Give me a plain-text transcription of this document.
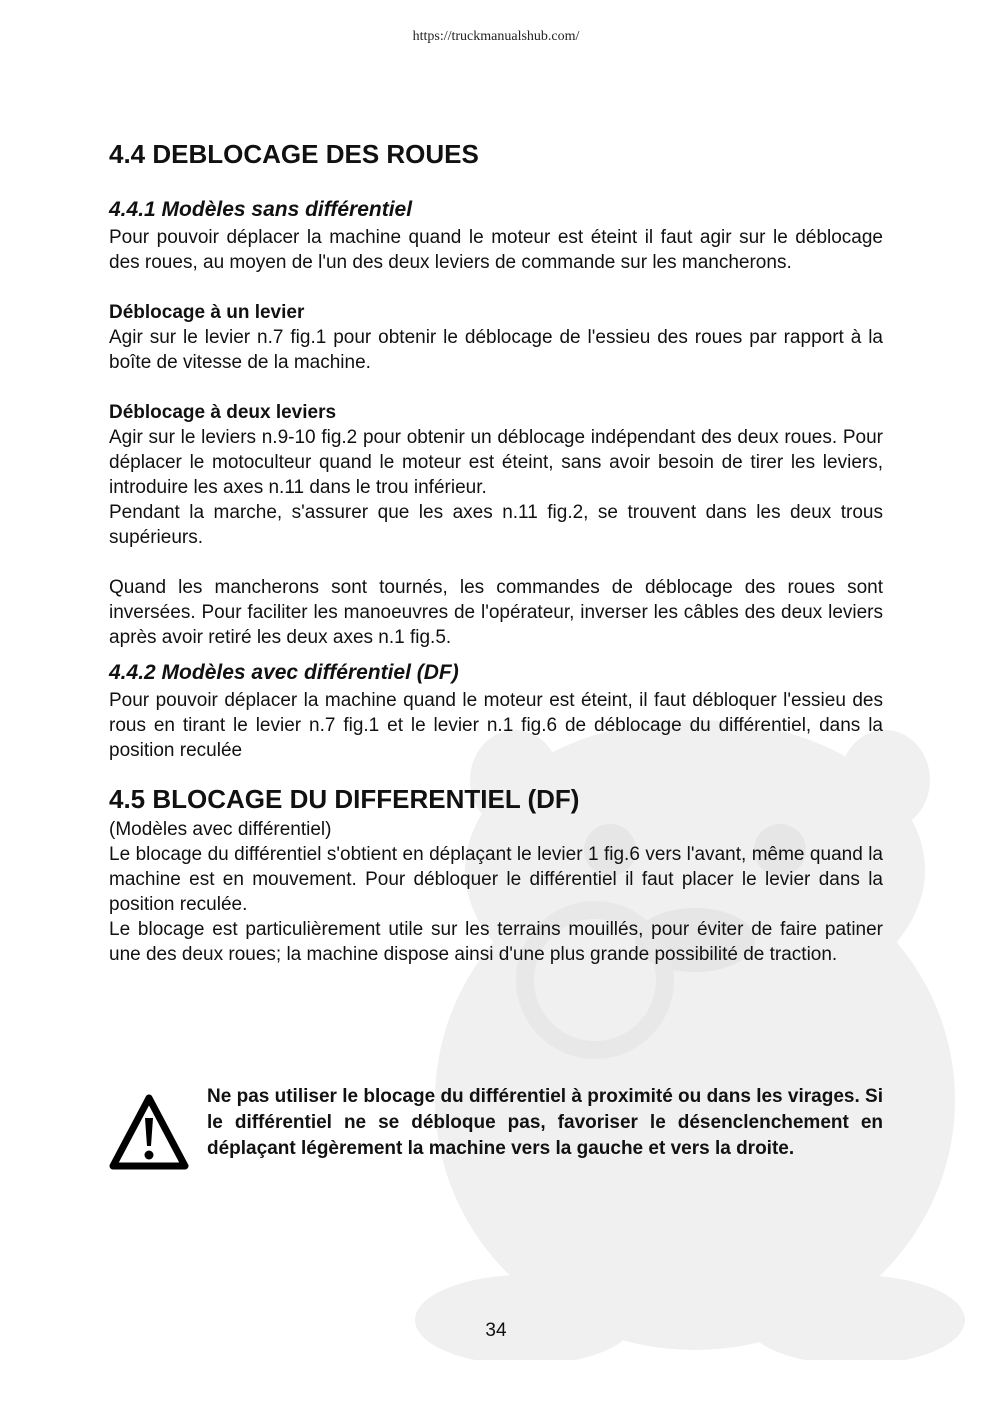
https://truckmanualshub.com/
4.4 DEBLOCAGE DES ROUES
4.4.1 Modèles sans différentiel

Pour pouvoir déplacer la machine quand le moteur est éteint il faut agir sur le déblocage des roues, au moyen de l'un des deux leviers de commande sur les mancherons.

Déblocage à un levier

Agir sur le levier n.7 fig.1 pour obtenir le déblocage de l'essieu des roues par rapport à la boîte de vitesse de la machine.

Déblocage à deux leviers

Agir sur le leviers n.9-10 fig.2 pour obtenir un déblocage indépendant des deux roues. Pour déplacer le motoculteur quand le moteur est éteint, sans avoir besoin de tirer les leviers, introduire les axes n.11 dans le trou inférieur.

Pendant la marche, s'assurer que les axes n.11 fig.2, se trouvent dans les deux trous supérieurs.

Quand les mancherons sont tournés, les commandes de déblocage des roues sont inversées. Pour faciliter les manoeuvres de l'opérateur, inverser les câbles des deux leviers après avoir retiré les deux axes n.1 fig.5.

4.4.2 Modèles avec différentiel (DF)

Pour pouvoir déplacer la machine quand le moteur est éteint, il faut débloquer l'essieu des rous en tirant le levier n.7 fig.1 et le levier n.1 fig.6 de déblocage du différentiel, dans la position reculée

4.5 BLOCAGE DU DIFFERENTIEL (DF)

(Modèles avec différentiel)

Le blocage du différentiel s'obtient en déplaçant le levier 1 fig.6 vers l'avant, même quand la machine est en mouvement. Pour débloquer le différentiel il faut placer le levier dans la position reculée.

Le blocage est particulièrement utile sur les terrains mouillés, pour éviter de faire patiner une des deux roues; la machine dispose ainsi d'une plus grande possibilité de traction.

Ne pas utiliser le blocage du différentiel à proximité ou dans les virages. Si le différentiel ne se débloque pas, favoriser le désenclenchement en déplaçant légèrement la machine vers la gauche et vers la droite.
34
